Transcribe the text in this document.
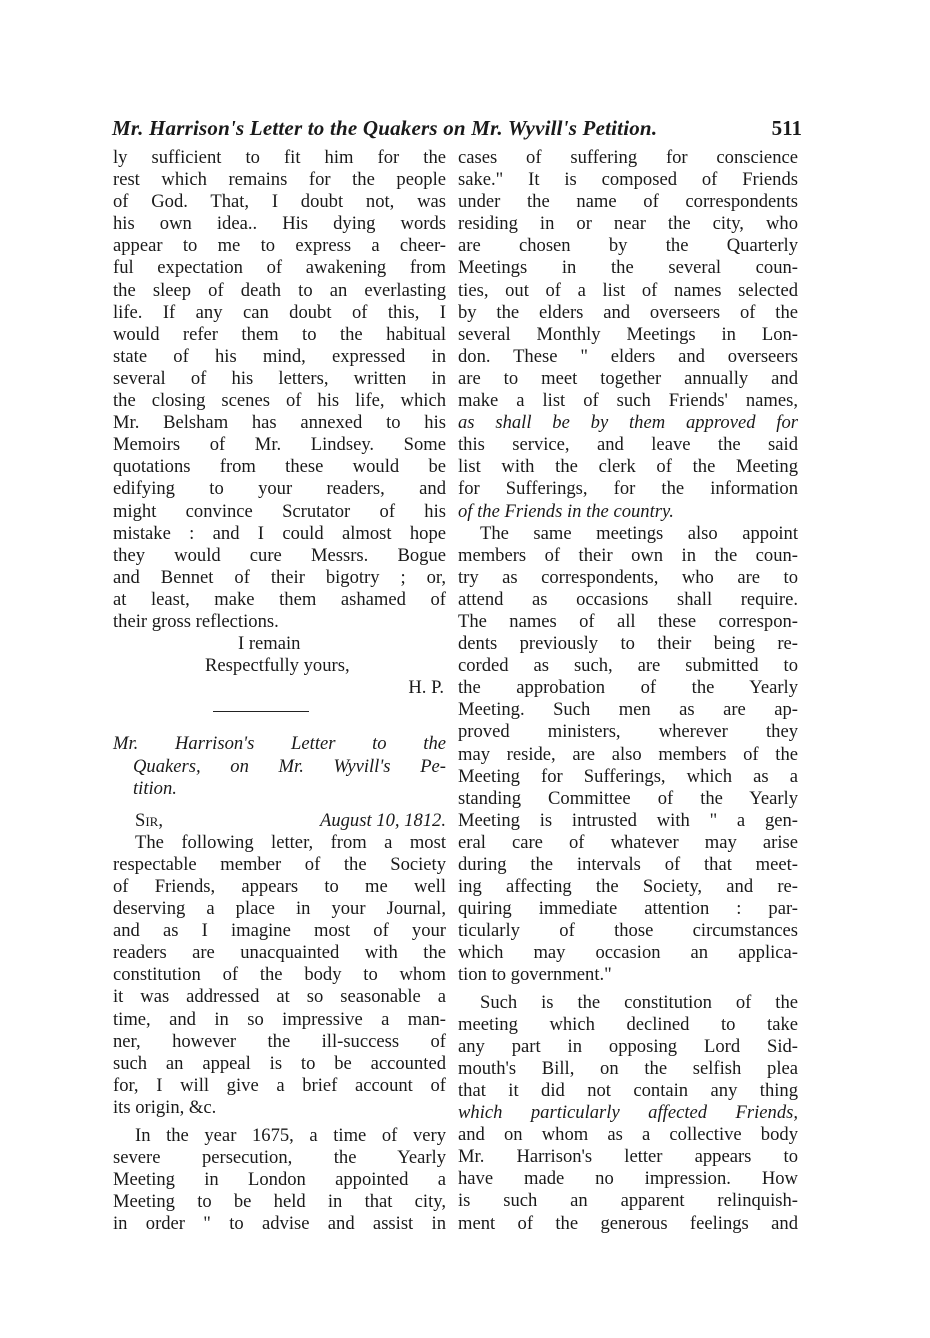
Mr. Harrison's Letter to the Quakers on Mr. Wyvill's Petition.	511
ly sufficient to fit him for the
rest which remains for the people
of God. That, I doubt not, was
his own idea.. His dying words
appear to me to express a cheer-
ful expectation of awakening from
the sleep of death to an everlasting
life. If any can doubt of this, I
would refer them to the habitual
state of his mind, expressed in
several of his letters, written in
the closing scenes of his life, which
Mr. Belsham has annexed to his
Memoirs of Mr. Lindsey. Some
quotations from these would be
edifying to your readers, and
might convince Scrutator of his
mistake : and I could almost hope
they would cure Messrs. Bogue
and Bennet of their bigotry ; or,
at least, make them ashamed of
their gross reflections.
I remain
Respectfully yours,
H. P.
Mr. Harrison's Letter to the
Quakers, on Mr. Wyvill's Pe-
tition.
Sir,	August 10, 1812.
The following letter, from a most
respectable member of the Society
of Friends, appears to me well
deserving a place in your Journal,
and as I imagine most of your
readers are unacquainted with the
constitution of the body to whom
it was addressed at so seasonable a
time, and in so impressive a man-
ner, however the ill-success of
such an appeal is to be accounted
for, I will give a brief account of
its origin, &c.
In the year 1675, a time of very
severe persecution, the Yearly
Meeting in London appointed a
Meeting to be held in that city,
in order " to advise and assist in
cases of suffering for conscience
sake." It is composed of Friends
under the name of correspondents
residing in or near the city, who
are chosen by the Quarterly
Meetings in the several coun-
ties, out of a list of names selected
by the elders and overseers of the
several Monthly Meetings in Lon-
don. These " elders and overseers
are to meet together annually and
make a list of such Friends' names,
as shall be by them approved for
this service, and leave the said
list with the clerk of the Meeting
for Sufferings, for the information
of the Friends in the country.
The same meetings also appoint
members of their own in the coun-
try as correspondents, who are to
attend as occasions shall require.
The names of all these correspon-
dents previously to their being re-
corded as such, are submitted to
the approbation of the Yearly
Meeting. Such men as are ap-
proved ministers, wherever they
may reside, are also members of the
Meeting for Sufferings, which as a
standing Committee of the Yearly
Meeting is intrusted with " a gen-
eral care of whatever may arise
during the intervals of that meet-
ing affecting the Society, and re-
quiring immediate attention : par-
ticularly of those circumstances
which may occasion an applica-
tion to government."
Such is the constitution of the
meeting which declined to take
any part in opposing Lord Sid-
mouth's Bill, on the selfish plea
that it did not contain any thing
which particularly affected Friends,
and on whom as a collective body
Mr. Harrison's letter appears to
have made no impression. How
is such an apparent relinquish-
ment of the generous feelings and
